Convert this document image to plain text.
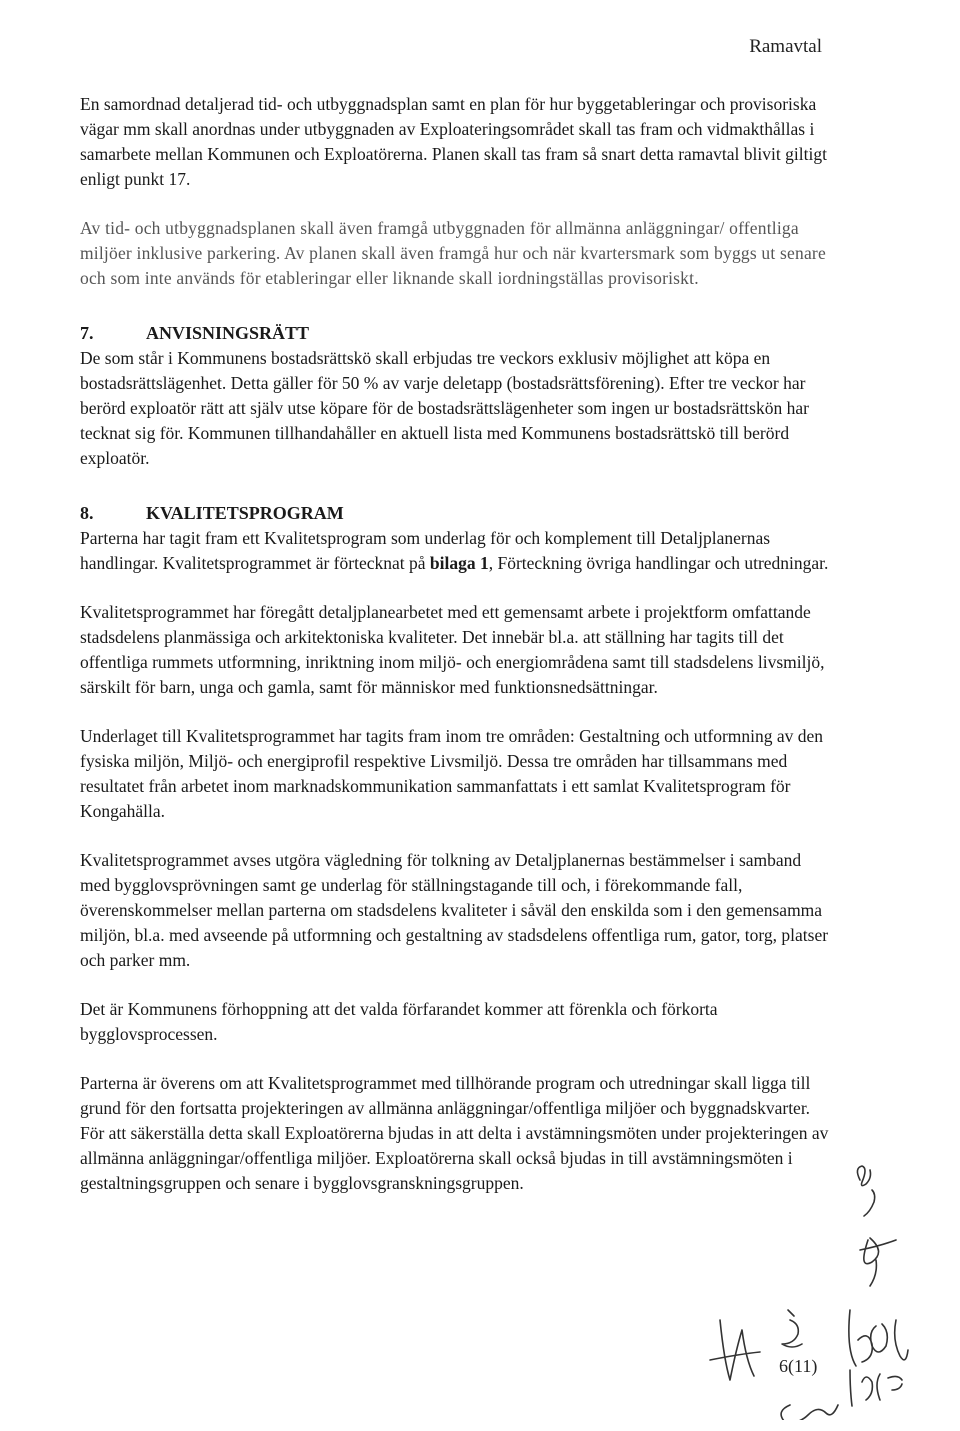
Ramavtal

En samordnad detaljerad tid- och utbyggnadsplan samt en plan för hur byggetableringar och provisoriska vägar mm skall anordnas under utbyggnaden av Exploateringsområdet skall tas fram och vidmakthållas i samarbete mellan Kommunen och Exploatörerna. Planen skall tas fram så snart detta ramavtal blivit giltigt enligt punkt 17.

Av tid- och utbyggnadsplanen skall även framgå utbyggnaden för allmänna anläggningar/ offentliga miljöer inklusive parkering. Av planen skall även framgå hur och när kvartersmark som byggs ut senare och som inte används för etableringar eller liknande skall iordningställas provisoriskt.

7.	ANVISNINGSRÄTT

De som står i Kommunens bostadsrättskö skall erbjudas tre veckors exklusiv möjlighet att köpa en bostadsrättslägenhet. Detta gäller för 50 % av varje deletapp (bostadsrättsförening). Efter tre veckor har berörd exploatör rätt att själv utse köpare för de bostadsrättslägenheter som ingen ur bostadsrättskön har tecknat sig för. Kommunen tillhandahåller en aktuell lista med Kommunens bostadsrättskö till berörd exploatör.

8.	KVALITETSPROGRAM

Parterna har tagit fram ett Kvalitetsprogram som underlag för och komplement till Detaljplanernas handlingar. Kvalitetsprogrammet är förtecknat på bilaga 1, Förteckning övriga handlingar och utredningar.

Kvalitetsprogrammet har föregått detaljplanearbetet med ett gemensamt arbete i projektform omfattande stadsdelens planmässiga och arkitektoniska kvaliteter. Det innebär bl.a. att ställning har tagits till det offentliga rummets utformning, inriktning inom miljö- och energiområdena samt till stadsdelens livsmiljö, särskilt för barn, unga och gamla, samt för människor med funktionsnedsättningar.

Underlaget till Kvalitetsprogrammet har tagits fram inom tre områden: Gestaltning och utformning av den fysiska miljön, Miljö- och energiprofil respektive Livsmiljö. Dessa tre områden har tillsammans med resultatet från arbetet inom marknadskommunikation sammanfattats i ett samlat Kvalitetsprogram för Kongahälla.

Kvalitetsprogrammet avses utgöra vägledning för tolkning av Detaljplanernas bestämmelser i samband med bygglovsprövningen samt ge underlag för ställningstagande till och, i förekommande fall, överenskommelser mellan parterna om stadsdelens kvaliteter i såväl den enskilda som i den gemensamma miljön, bl.a. med avseende på utformning och gestaltning av stadsdelens offentliga rum, gator, torg, platser och parker mm.

Det är Kommunens förhoppning att det valda förfarandet kommer att förenkla och förkorta bygglovsprocessen.

Parterna är överens om att Kvalitetsprogrammet med tillhörande program och utredningar skall ligga till grund för den fortsatta projekteringen av allmänna anläggningar/offentliga miljöer och byggnadskvarter. För att säkerställa detta skall Exploatörerna bjudas in att delta i avstämningsmöten under projekteringen av allmänna anläggningar/offentliga miljöer. Exploatörerna skall också bjudas in till avstämningsmöten i gestaltningsgruppen och senare i bygglovsgranskningsgruppen.

6(11)
